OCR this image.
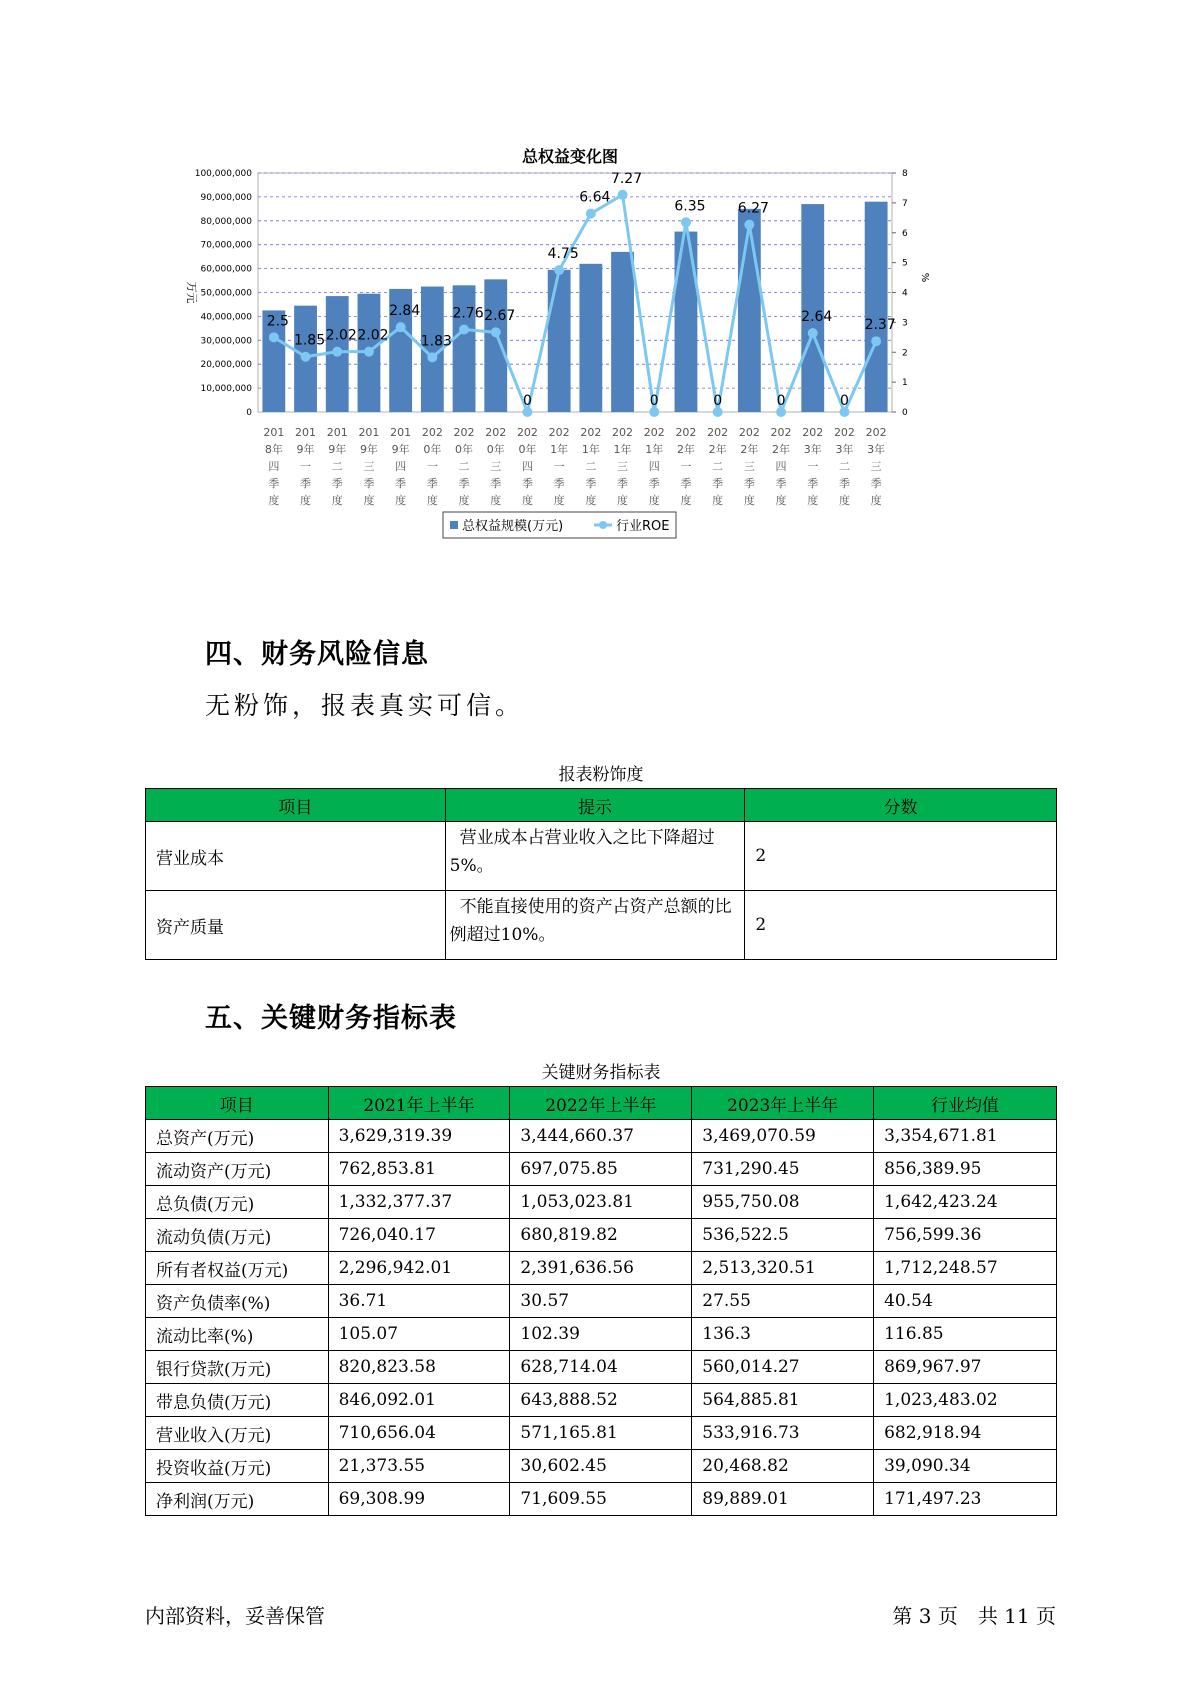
总权益变化图
0
10,000,000
20,000,000
30,000,000
40,000,000
50,000,000
60,000,000
70,000,000
80,000,000
90,000,000
100,000,000
0
1
2
3
4
5
6
7
8
万元
%
2.5
1.85 2.02 2.02
2.84
1.83
2.76 2.67
0
4.75
6.64
7.27
0
6.35
0
6.27
0
2.64
0
2.37
201 8年四季度
201 9年一季度
201 9年二季度
201 9年三季度
201 9年四季度
202 0年一季度
202 0年二季度
202 0年三季度
202 0年四季度
202 1年一季度
202 1年二季度
202 1年三季度
202 1年四季度
202 2年一季度
202 2年二季度
202 2年三季度
202 2年四季度
202 3年一季度
202 3年二季度
202 3年三季度
总权益规模(万元)	行业ROE
四、财务风险信息
无粉饰，报表真实可信。
报表粉饰度
项目	提示	分数
营业成本	营业成本占营业收入之比下降超过5%。	2
资产质量	不能直接使用的资产占资产总额的比例超过10%。	2
五、关键财务指标表
关键财务指标表
项目	2021年上半年	2022年上半年	2023年上半年	行业均值
总资产(万元)	3,629,319.39	3,444,660.37	3,469,070.59	3,354,671.81
流动资产(万元)	762,853.81	697,075.85	731,290.45	856,389.95
总负债(万元)	1,332,377.37	1,053,023.81	955,750.08	1,642,423.24
流动负债(万元)	726,040.17	680,819.82	536,522.5	756,599.36
所有者权益(万元)	2,296,942.01	2,391,636.56	2,513,320.51	1,712,248.57
资产负债率(%)	36.71	30.57	27.55	40.54
流动比率(%)	105.07	102.39	136.3	116.85
银行贷款(万元)	820,823.58	628,714.04	560,014.27	869,967.97
带息负债(万元)	846,092.01	643,888.52	564,885.81	1,023,483.02
营业收入(万元)	710,656.04	571,165.81	533,916.73	682,918.94
投资收益(万元)	21,373.55	30,602.45	20,468.82	39,090.34
净利润(万元)	69,308.99	71,609.55	89,889.01	171,497.23
内部资料，妥善保管	第 3 页　共 11 页
